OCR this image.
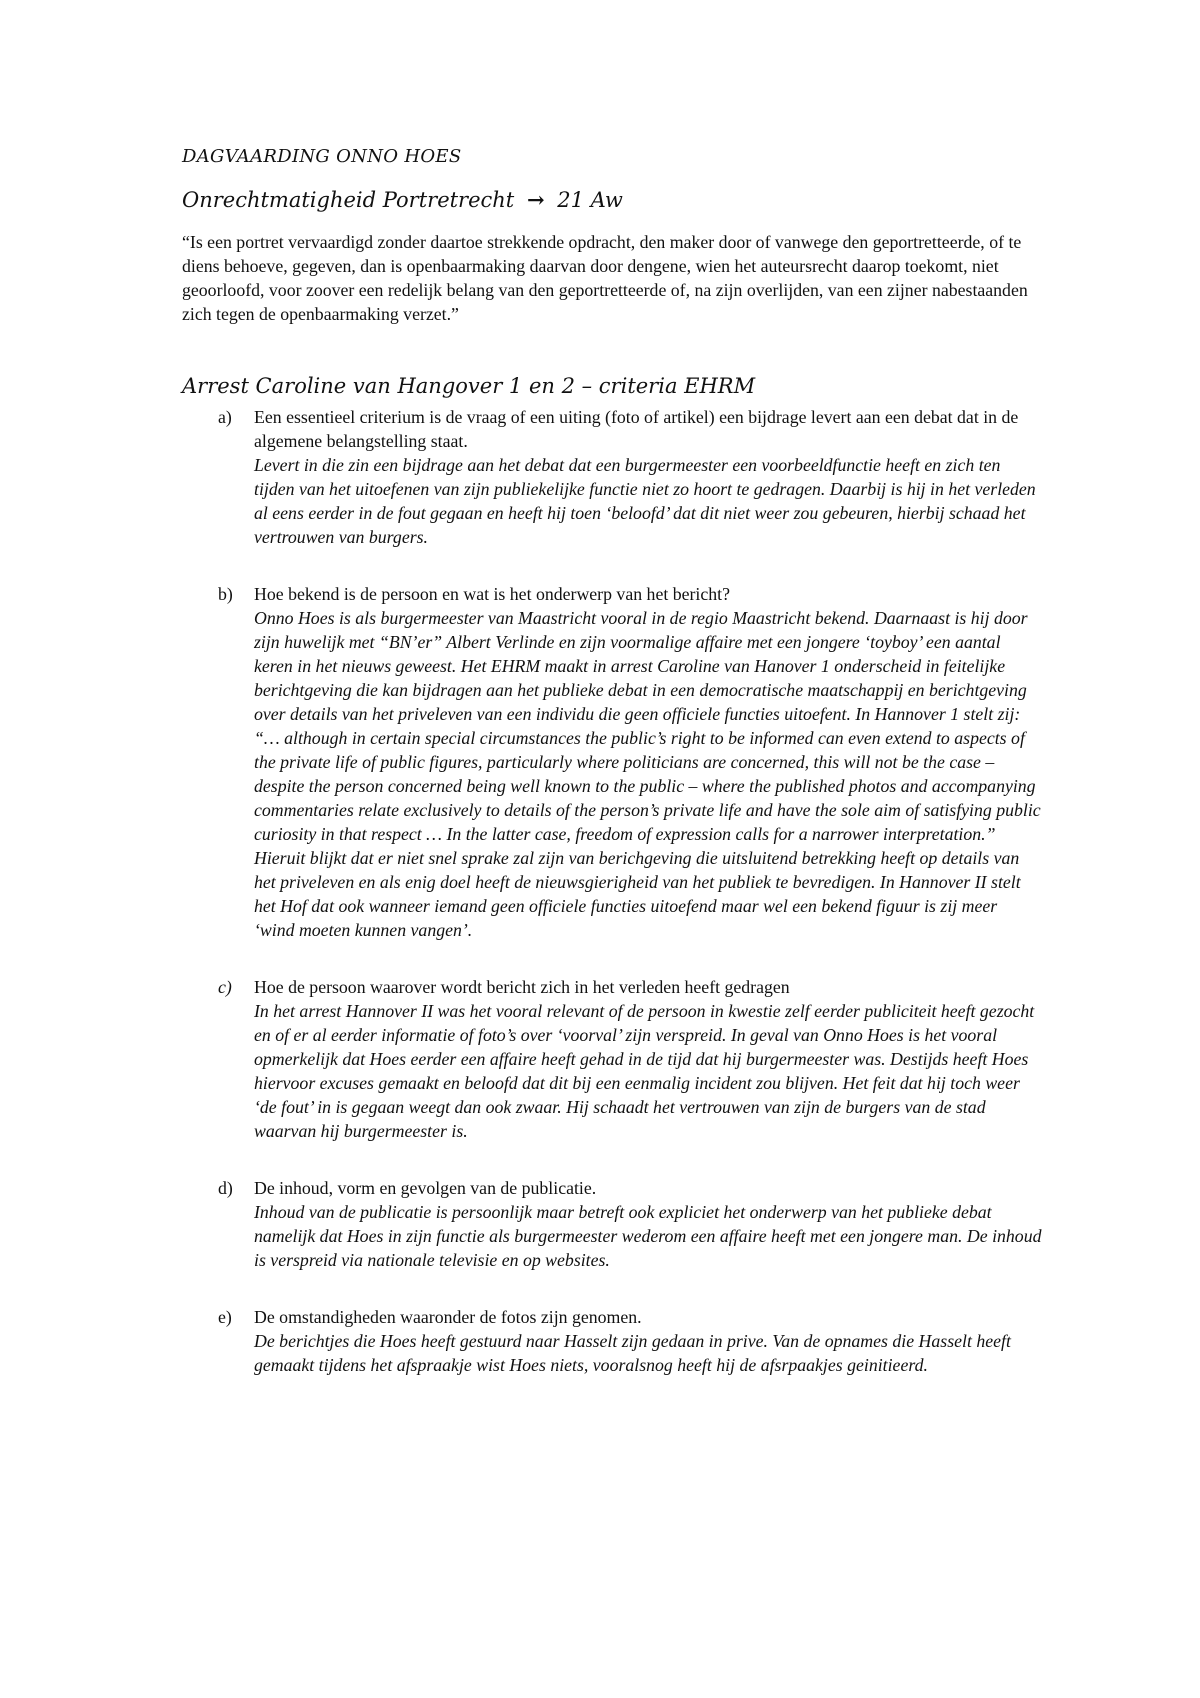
DAGVAARDING ONNO HOES
Onrechtmatigheid Portretrecht → 21 Aw
“Is een portret vervaardigd zonder daartoe strekkende opdracht, den maker door of vanwege den geportretteerde, of te diens behoeve, gegeven, dan is openbaarmaking daarvan door dengene, wien het auteursrecht daarop toekomt, niet geoorloofd, voor zoover een redelijk belang van den geportretteerde of, na zijn overlijden, van een zijner nabestaanden zich tegen de openbaarmaking verzet.”
Arrest Caroline van Hangover 1 en 2 – criteria EHRM
a) Een essentieel criterium is de vraag of een uiting (foto of artikel) een bijdrage levert aan een debat dat in de algemene belangstelling staat.
Levert in die zin een bijdrage aan het debat dat een burgermeester een voorbeeldfunctie heeft en zich ten tijden van het uitoefenen van zijn publiekelijke functie niet zo hoort te gedragen. Daarbij is hij in het verleden al eens eerder in de fout gegaan en heeft hij toen ‘beloofd’ dat dit niet weer zou gebeuren, hierbij schaad het vertrouwen van burgers.
b) Hoe bekend is de persoon en wat is het onderwerp van het bericht?
Onno Hoes is als burgermeester van Maastricht vooral in de regio Maastricht bekend. Daarnaast is hij door zijn huwelijk met “BN’er” Albert Verlinde en zijn voormalige affaire met een jongere ‘toyboy’ een aantal keren in het nieuws geweest. Het EHRM maakt in arrest Caroline van Hanover 1 onderscheid in feitelijke berichtgeving die kan bijdragen aan het publieke debat in een democratische maatschappij en berichtgeving over details van het priveleven van een individu die geen officiele functies uitoefent. In Hannover 1 stelt zij: “… although in certain special circumstances the public’s right to be informed can even extend to aspects of the private life of public figures, particularly where politicians are concerned, this will not be the case – despite the person concerned being well known to the public – where the published photos and accompanying commentaries relate exclusively to details of the person’s private life and have the sole aim of satisfying public curiosity in that respect … In the latter case, freedom of expression calls for a narrower interpretation.” Hieruit blijkt dat er niet snel sprake zal zijn van berichgeving die uitsluitend betrekking heeft op details van het priveleven en als enig doel heeft de nieuwsgierigheid van het publiek te bevredigen. In Hannover II stelt het Hof dat ook wanneer iemand geen officiele functies uitoefend maar wel een bekend figuur is zij meer ‘wind moeten kunnen vangen’.
c) Hoe de persoon waarover wordt bericht zich in het verleden heeft gedragen
In het arrest Hannover II was het vooral relevant of de persoon in kwestie zelf eerder publiciteit heeft gezocht en of er al eerder informatie of foto’s over ‘voorval’ zijn verspreid. In geval van Onno Hoes is het vooral opmerkelijk dat Hoes eerder een affaire heeft gehad in de tijd dat hij burgermeester was. Destijds heeft Hoes hiervoor excuses gemaakt en beloofd dat dit bij een eenmalig incident zou blijven. Het feit dat hij toch weer ‘de fout’ in is gegaan weegt dan ook zwaar. Hij schaadt het vertrouwen van zijn de burgers van de stad waarvan hij burgermeester is.
d) De inhoud, vorm en gevolgen van de publicatie.
Inhoud van de publicatie is persoonlijk maar betreft ook expliciet het onderwerp van het publieke debat namelijk dat Hoes in zijn functie als burgermeester wederom een affaire heeft met een jongere man. De inhoud is verspreid via nationale televisie en op websites.
e) De omstandigheden waaronder de fotos zijn genomen.
De berichtjes die Hoes heeft gestuurd naar Hasselt zijn gedaan in prive. Van de opnames die Hasselt heeft gemaakt tijdens het afspraakje wist Hoes niets, vooralsnog heeft hij de afsrpaakjes geinitieerd.
